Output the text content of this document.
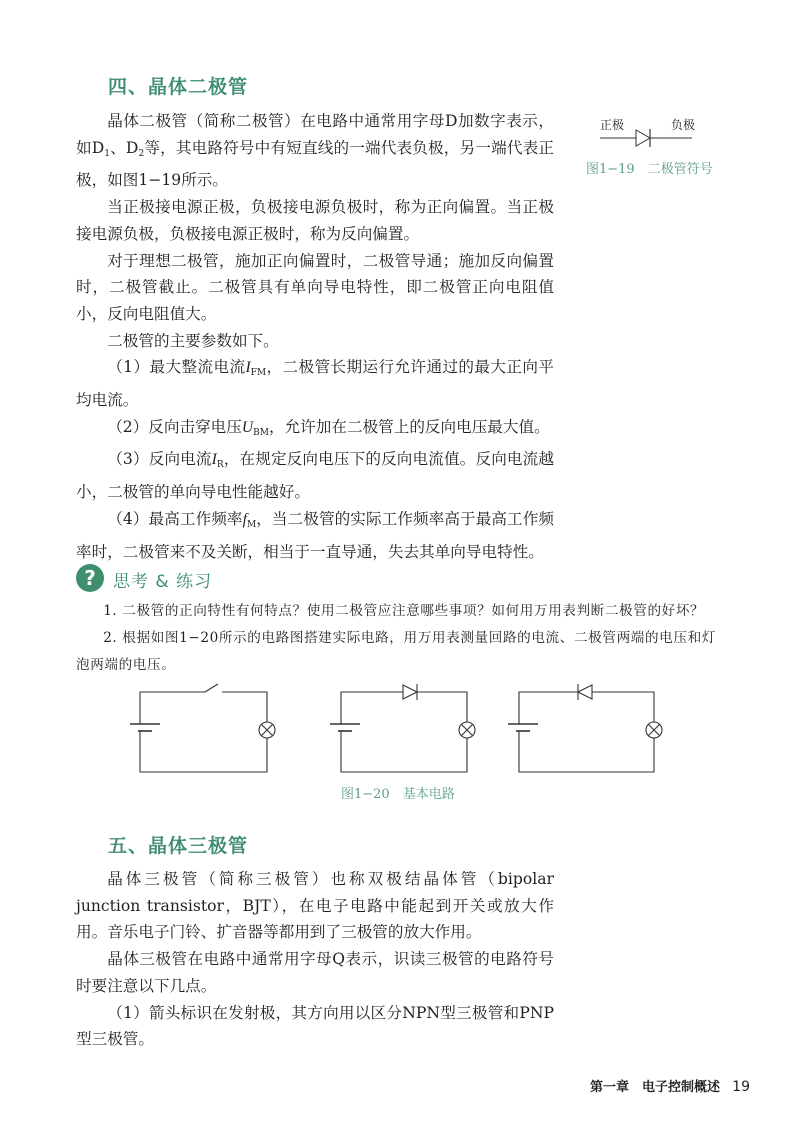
四、晶体二极管

晶体二极管（简称二极管）在电路中通常用字母D加数字表示，如$D_1$、$D_2$等，其电路符号中有短直线的一端代表负极，另一端代表正极，如图1−19所示。

当正极接电源正极，负极接电源负极时，称为正向偏置。当正极接电源负极，负极接电源正极时，称为反向偏置。

对于理想二极管，施加正向偏置时，二极管导通；施加反向偏置时，二极管截止。二极管具有单向导电特性，即二极管正向电阻值小，反向电阻值大。

二极管的主要参数如下。

（1）最大整流电流$I_{FM}$，二极管长期运行允许通过的最大正向平均电流。

（2）反向击穿电压$U_{BM}$，允许加在二极管上的反向电压最大值。

（3）反向电流$I_R$，在规定反向电压下的反向电流值。反向电流越小，二极管的单向导电性能越好。

（4）最高工作频率$f_M$，当二极管的实际工作频率高于最高工作频率时，二极管来不及关断，相当于一直导通，失去其单向导电特性。

正极	负极
图1−19　二极管符号
?	思考 & 练习

1. 二极管的正向特性有何特点？使用二极管应注意哪些事项？如何用万用表判断二极管的好坏？

2. 根据如图1−20所示的电路图搭建实际电路，用万用表测量回路的电流、二极管两端的电压和灯泡两端的电压。

图1−20　基本电路
五、晶体三极管

晶体三极管（简称三极管）也称双极结晶体管（bipolar junction transistor，BJT），在电子电路中能起到开关或放大作用。音乐电子门铃、扩音器等都用到了三极管的放大作用。

晶体三极管在电路中通常用字母Q表示，识读三极管的电路符号时要注意以下几点。

（1）箭头标识在发射极，其方向用以区分NPN型三极管和PNP型三极管。

第一章　电子控制概述 19
